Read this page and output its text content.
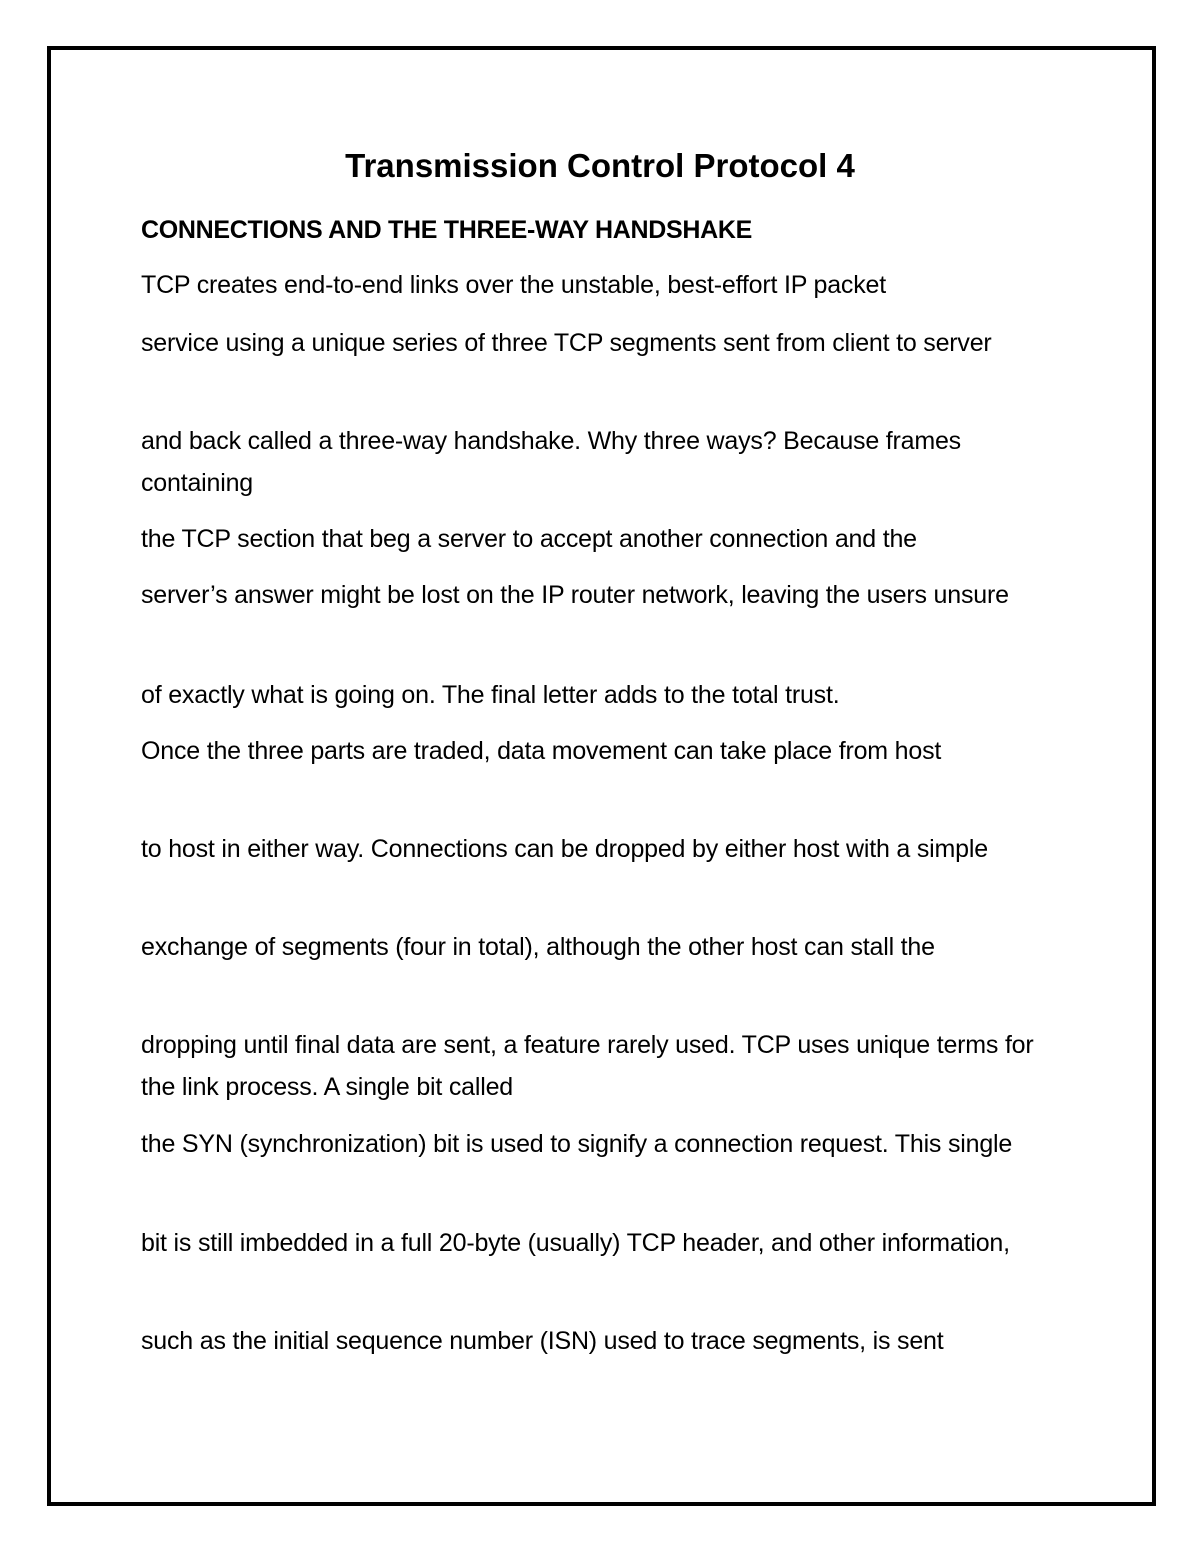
Transmission Control Protocol 4
CONNECTIONS AND THE THREE-WAY HANDSHAKE

TCP creates end-to-end links over the unstable, best-effort IP packet

service using a unique series of three TCP segments sent from client to server

and back called a three-way handshake. Why three ways? Because frames containing

the TCP section that beg a server to accept another connection and the

server’s answer might be lost on the IP router network, leaving the users unsure

of exactly what is going on. The final letter adds to the total trust.

Once the three parts are traded, data movement can take place from host

to host in either way. Connections can be dropped by either host with a simple

exchange of segments (four in total), although the other host can stall the

dropping until final data are sent, a feature rarely used. TCP uses unique terms for the link process. A single bit called

the SYN (synchronization) bit is used to signify a connection request. This single

bit is still imbedded in a full 20-byte (usually) TCP header, and other information,

such as the initial sequence number (ISN) used to trace segments, is sent
